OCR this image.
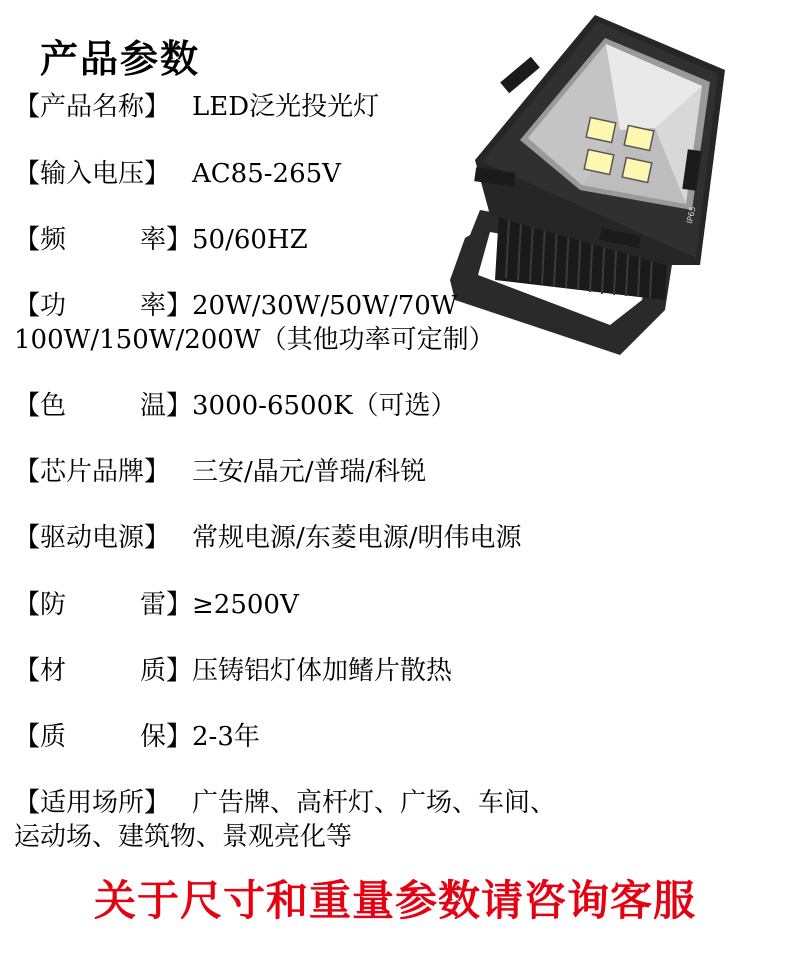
产品参数
IP65
【产品名称】 LED泛光投光灯
【输入电压】 AC85-265V
【 频	率 】50/60HZ
【 功	率 】20W/30W/50W/70W
100W/150W/200W（其他功率可定制）
【 色	温 】3000-6500K（可选）
【芯片品牌】 三安/晶元/普瑞/科锐
【驱动电源】 常规电源/东菱电源/明伟电源
【 防	雷 】≥2500V
【 材	质 】压铸铝灯体加鳍片散热
【 质	保 】2-3年
【适用场所】 广告牌、高杆灯、广场、车间、
运动场、建筑物、景观亮化等
关于尺寸和重量参数请咨询客服
